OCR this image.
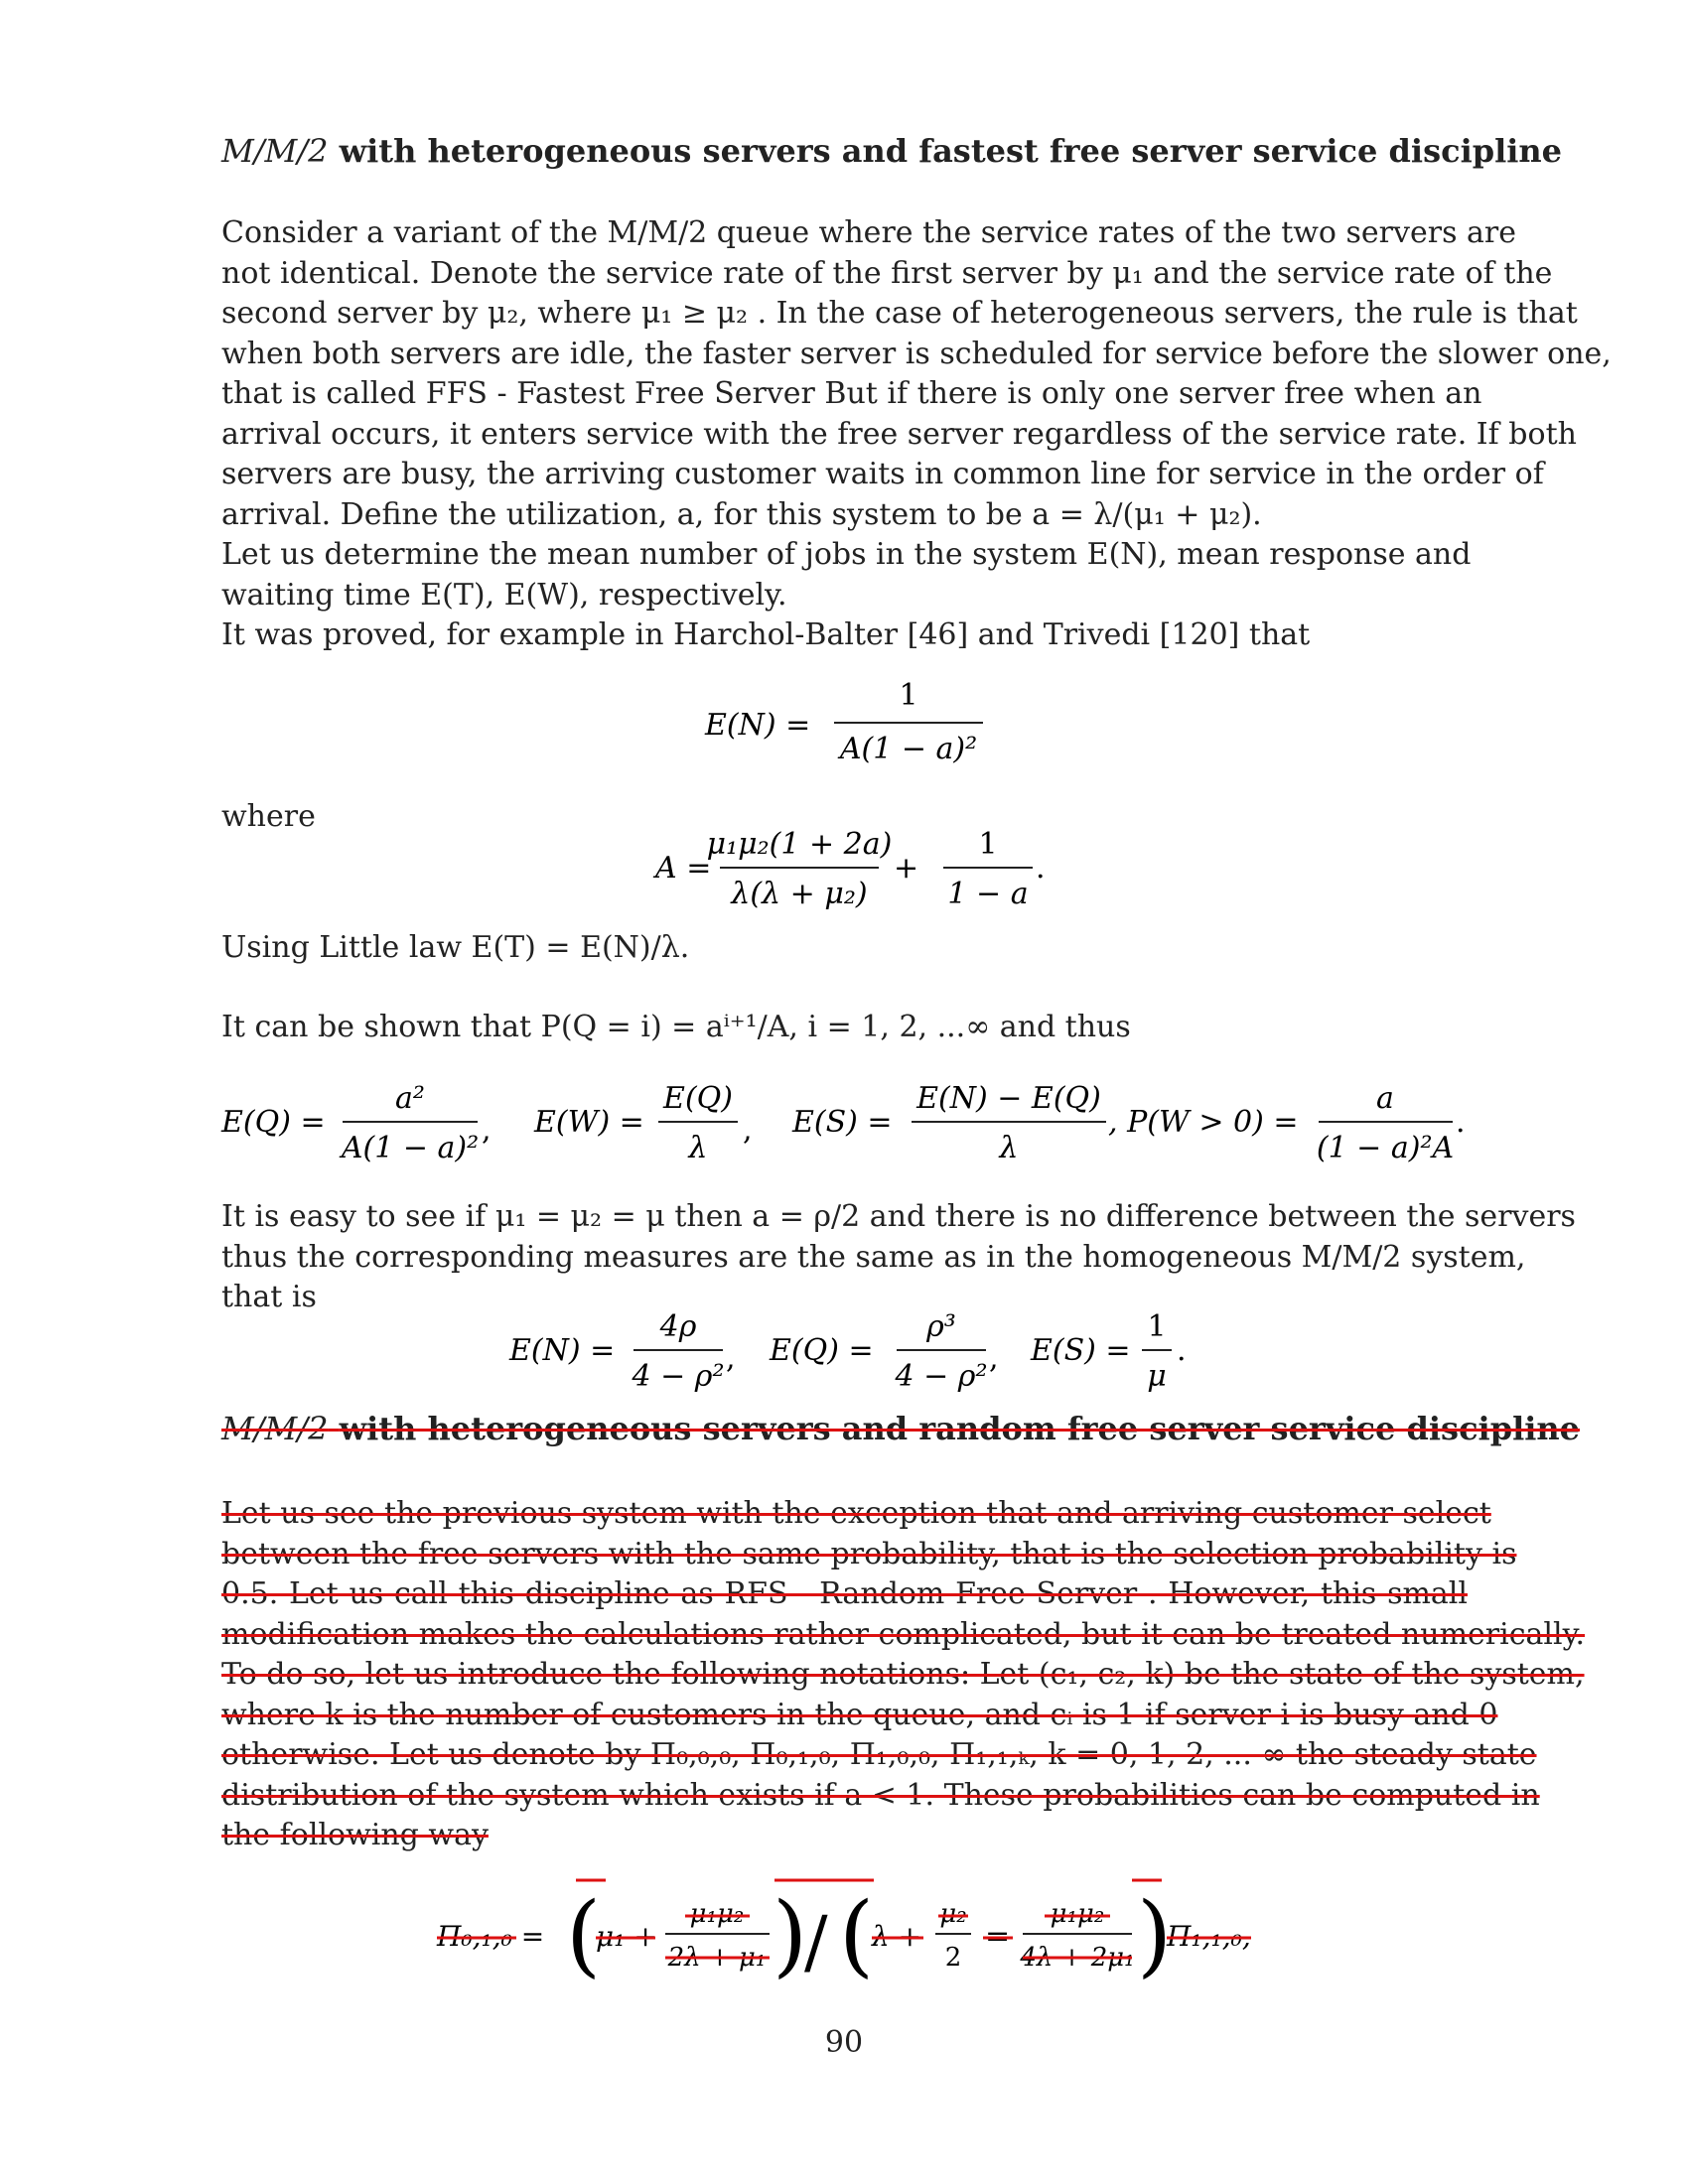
M/M/2 with heterogeneous servers and fastest free server service discipline
Consider a variant of the M/M/2 queue where the service rates of the two servers are
not identical. Denote the service rate of the first server by μ₁ and the service rate of the
second server by μ₂, where μ₁ ≥ μ₂ . In the case of heterogeneous servers, the rule is that
when both servers are idle, the faster server is scheduled for service before the slower one,
that is called FFS - Fastest Free Server But if there is only one server free when an
arrival occurs, it enters service with the free server regardless of the service rate. If both
servers are busy, the arriving customer waits in common line for service in the order of
arrival. Define the utilization, a, for this system to be a = λ/(μ₁ + μ₂).
Let us determine the mean number of jobs in the system E(N), mean response and
waiting time E(T), E(W), respectively.
It was proved, for example in Harchol-Balter [46] and Trivedi [120] that
E(N) =
1
A(1 − a)²
where
A =
μ₁μ₂(1 + 2a)
λ(λ + μ₂)
+
1
1 − a
.
Using Little law E(T) = E(N)/λ.
It can be shown that P(Q = i) = aⁱ⁺¹/A, i = 1, 2, ...∞ and thus
E(Q) =
a²
A(1 − a)²
, E(W) =
E(Q)
λ
, E(S) =
E(N) − E(Q)
λ
, P(W > 0) =
a
(1 − a)²A
.
It is easy to see if μ₁ = μ₂ = μ then a = ρ/2 and there is no difference between the servers
thus the corresponding measures are the same as in the homogeneous M/M/2 system,
that is
E(N) =
4ρ
4 − ρ²
, E(Q) =
ρ³
4 − ρ²
, E(S) =
1
μ
.
M/M/2 with heterogeneous servers and random free server service discipline
Let us see the previous system with the exception that and arriving customer select
between the free servers with the same probability, that is the selection probability is
0.5. Let us call this discipline as RFS - Random Free Server . However, this small
modification makes the calculations rather complicated, but it can be treated numerically.
To do so, let us introduce the following notations: Let (c₁, c₂, k) be the state of the system,
where k is the number of customers in the queue, and cᵢ is 1 if server i is busy and 0
otherwise. Let us denote by Π₀,₀,₀, Π₀,₁,₀, Π₁,₀,₀, Π₁,₁,ₖ, k = 0, 1, 2, ... ∞ the steady state
distribution of the system which exists if a < 1. These probabilities can be computed in
the following way
Π₀,₁,₀ = (
μ₁ +
μ₁μ₂
2λ + μ₁ )
/ (
λ +
μ₂
2
=
μ₁μ₂
4λ + 2μ₁ )
Π₁,₁,₀,
90
